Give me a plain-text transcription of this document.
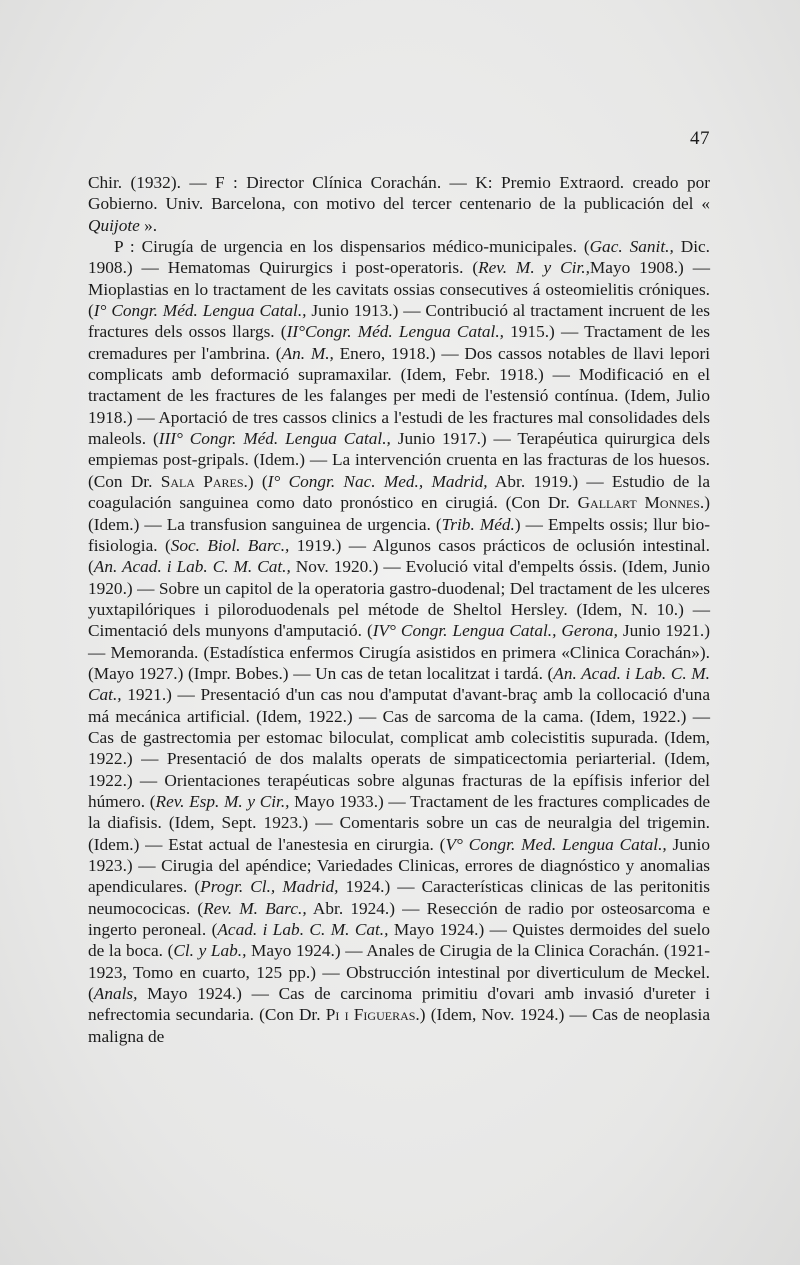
47

Chir. (1932). — F : Director Clínica Corachán. — K: Premio Extraord. creado por Gobierno. Univ. Barcelona, con motivo del tercer centenario de la publicación del « Quijote ».

P : Cirugía de urgencia en los dispensarios médico-municipales. (Gac. Sanit., Dic. 1908.) — Hematomas Quirurgics i post-operatoris. (Rev. M. y Cir.,Mayo 1908.) — Mioplastias en lo tractament de les cavitats ossias consecutives á osteomielitis cróniques. (I° Congr. Méd. Lengua Catal., Junio 1913.) — Contribució al tractament incruent de les fractures dels ossos llargs. (II°Congr. Méd. Lengua Catal., 1915.) — Tractament de les cremadures per l'ambrina. (An. M., Enero, 1918.) — Dos cassos notables de llavi lepori complicats amb deformació supramaxilar. (Idem, Febr. 1918.) — Modificació en el tractament de les fractures de les falanges per medi de l'estensió contínua. (Idem, Julio 1918.) — Aportació de tres cassos clinics a l'estudi de les fractures mal consolidades dels maleols. (III° Congr. Méd. Lengua Catal., Junio 1917.) — Terapéutica quirurgica dels empiemas post-gripals. (Idem.) — La intervención cruenta en las fracturas de los huesos. (Con Dr. Sala Pares.) (I° Congr. Nac. Med., Madrid, Abr. 1919.) — Estudio de la coagulación sanguinea como dato pronóstico en cirugiá. (Con Dr. Gallart Monnes.) (Idem.) — La transfusion sanguinea de urgencia. (Trib. Méd.) — Empelts ossis; llur bio-fisiologia. (Soc. Biol. Barc., 1919.) — Algunos casos prácticos de oclusión intestinal. (An. Acad. i Lab. C. M. Cat., Nov. 1920.) — Evolució vital d'empelts óssis. (Idem, Junio 1920.) — Sobre un capitol de la operatoria gastro-duodenal; Del tractament de les ulceres yuxtapilóriques i piloroduodenals pel métode de Sheltol Hersley. (Idem, N. 10.) — Cimentació dels munyons d'amputació. (IV° Congr. Lengua Catal., Gerona, Junio 1921.) — Memoranda. (Estadística enfermos Cirugía asistidos en primera «Clinica Corachán»). (Mayo 1927.) (Impr. Bobes.) — Un cas de tetan localitzat i tardá. (An. Acad. i Lab. C. M. Cat., 1921.) — Presentació d'un cas nou d'amputat d'avant-braç amb la collocació d'una má mecánica artificial. (Idem, 1922.) — Cas de sarcoma de la cama. (Idem, 1922.) — Cas de gastrectomia per estomac biloculat, complicat amb colecistitis supurada. (Idem, 1922.) — Presentació de dos malalts operats de simpaticectomia periarterial. (Idem, 1922.) — Orientaciones terapéuticas sobre algunas fracturas de la epífisis inferior del húmero. (Rev. Esp. M. y Cir., Mayo 1933.) — Tractament de les fractures complicades de la diafisis. (Idem, Sept. 1923.) — Comentaris sobre un cas de neuralgia del trigemin. (Idem.) — Estat actual de l'anestesia en cirurgia. (V° Congr. Med. Lengua Catal., Junio 1923.) — Cirugia del apéndice; Variedades Clinicas, errores de diagnóstico y anomalias apendiculares. (Progr. Cl., Madrid, 1924.) — Características clinicas de las peritonitis neumococicas. (Rev. M. Barc., Abr. 1924.) — Resección de radio por osteosarcoma e ingerto peroneal. (Acad. i Lab. C. M. Cat., Mayo 1924.) — Quistes dermoides del suelo de la boca. (Cl. y Lab., Mayo 1924.) — Anales de Cirugia de la Clinica Corachán. (1921-1923, Tomo en cuarto, 125 pp.) — Obstrucción intestinal por diverticulum de Meckel. (Anals, Mayo 1924.) — Cas de carcinoma primitiu d'ovari amb invasió d'ureter i nefrectomia secundaria. (Con Dr. Pi i Figueras.) (Idem, Nov. 1924.) — Cas de neoplasia maligna de
